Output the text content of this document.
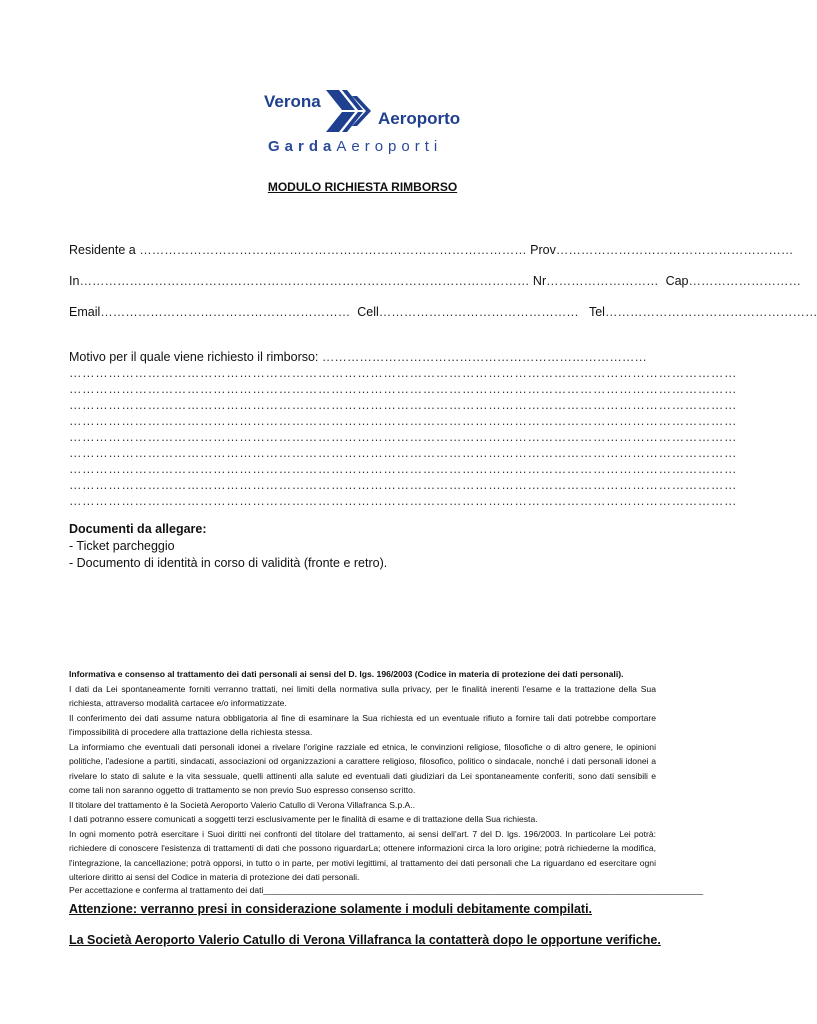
Verona
Aeroporto
GardaAeroporti
MODULO RICHIESTA RIMBORSO
Residente a ………………………………………………………………………………… Prov…………………………………………………
In……………………………………………………………………………………………… Nr……………………… Cap………………………
Email……………………………………………………  Cell…………………………………………   Tel……………………………………………
Motivo per il quale viene richiesto il rimborso: ……………………………………………………………………
………………………………………………………………………………………………………………………………………
………………………………………………………………………………………………………………………………………
………………………………………………………………………………………………………………………………………
………………………………………………………………………………………………………………………………………
………………………………………………………………………………………………………………………………………
………………………………………………………………………………………………………………………………………
………………………………………………………………………………………………………………………………………
………………………………………………………………………………………………………………………………………
………………………………………………………………………………………………………………………………………
Documenti da allegare:
- Ticket parcheggio
- Documento di identità in corso di validità (fronte e retro).

Informativa e consenso al trattamento dei dati personali ai sensi del D. lgs. 196/2003 (Codice in materia di protezione dei dati personali).

I dati da Lei spontaneamente forniti verranno trattati, nei limiti della normativa sulla privacy, per le finalità inerenti l'esame e la trattazione della Sua richiesta, attraverso modalità cartacee e/o informatizzate.

Il conferimento dei dati assume natura obbligatoria al fine di esaminare la Sua richiesta ed un eventuale rifiuto a fornire tali dati potrebbe comportare l'impossibilità di procedere alla trattazione della richiesta stessa.

La informiamo che eventuali dati personali idonei a rivelare l'origine razziale ed etnica, le convinzioni religiose, filosofiche o di altro genere, le opinioni politiche, l'adesione a partiti, sindacati, associazioni od organizzazioni a carattere religioso, filosofico, politico o sindacale, nonché i dati personali idonei a rivelare lo stato di salute e la vita sessuale, quelli attinenti alla salute ed eventuali dati giudiziari da Lei spontaneamente conferiti, sono dati sensibili e come tali non saranno oggetto di trattamento se non previo Suo espresso consenso scritto.

Il titolare del trattamento è la Società Aeroporto Valerio Catullo di Verona Villafranca S.p.A..

I dati potranno essere comunicati a soggetti terzi esclusivamente per le finalità di esame e di trattazione della Sua richiesta.

In ogni momento potrà esercitare i Suoi diritti nei confronti del titolare del trattamento, ai sensi dell'art. 7 del D. lgs. 196/2003. In particolare Lei potrà: richiedere di conoscere l'esistenza di trattamenti di dati che possono riguardarLa; ottenere informazioni circa la loro origine; potrà richiederne la modifica, l'integrazione, la cancellazione; potrà opporsi, in tutto o in parte, per motivi legittimi, al trattamento dei dati personali che La riguardano ed esercitare ogni ulteriore diritto ai sensi del Codice in materia di protezione dei dati personali.

Per accettazione e conferma al trattamento dei dati____________________________________________________________________________________________
Attenzione: verranno presi in considerazione solamente i moduli debitamente compilati.
La Società Aeroporto Valerio Catullo di Verona Villafranca la contatterà dopo le opportune verifiche.
